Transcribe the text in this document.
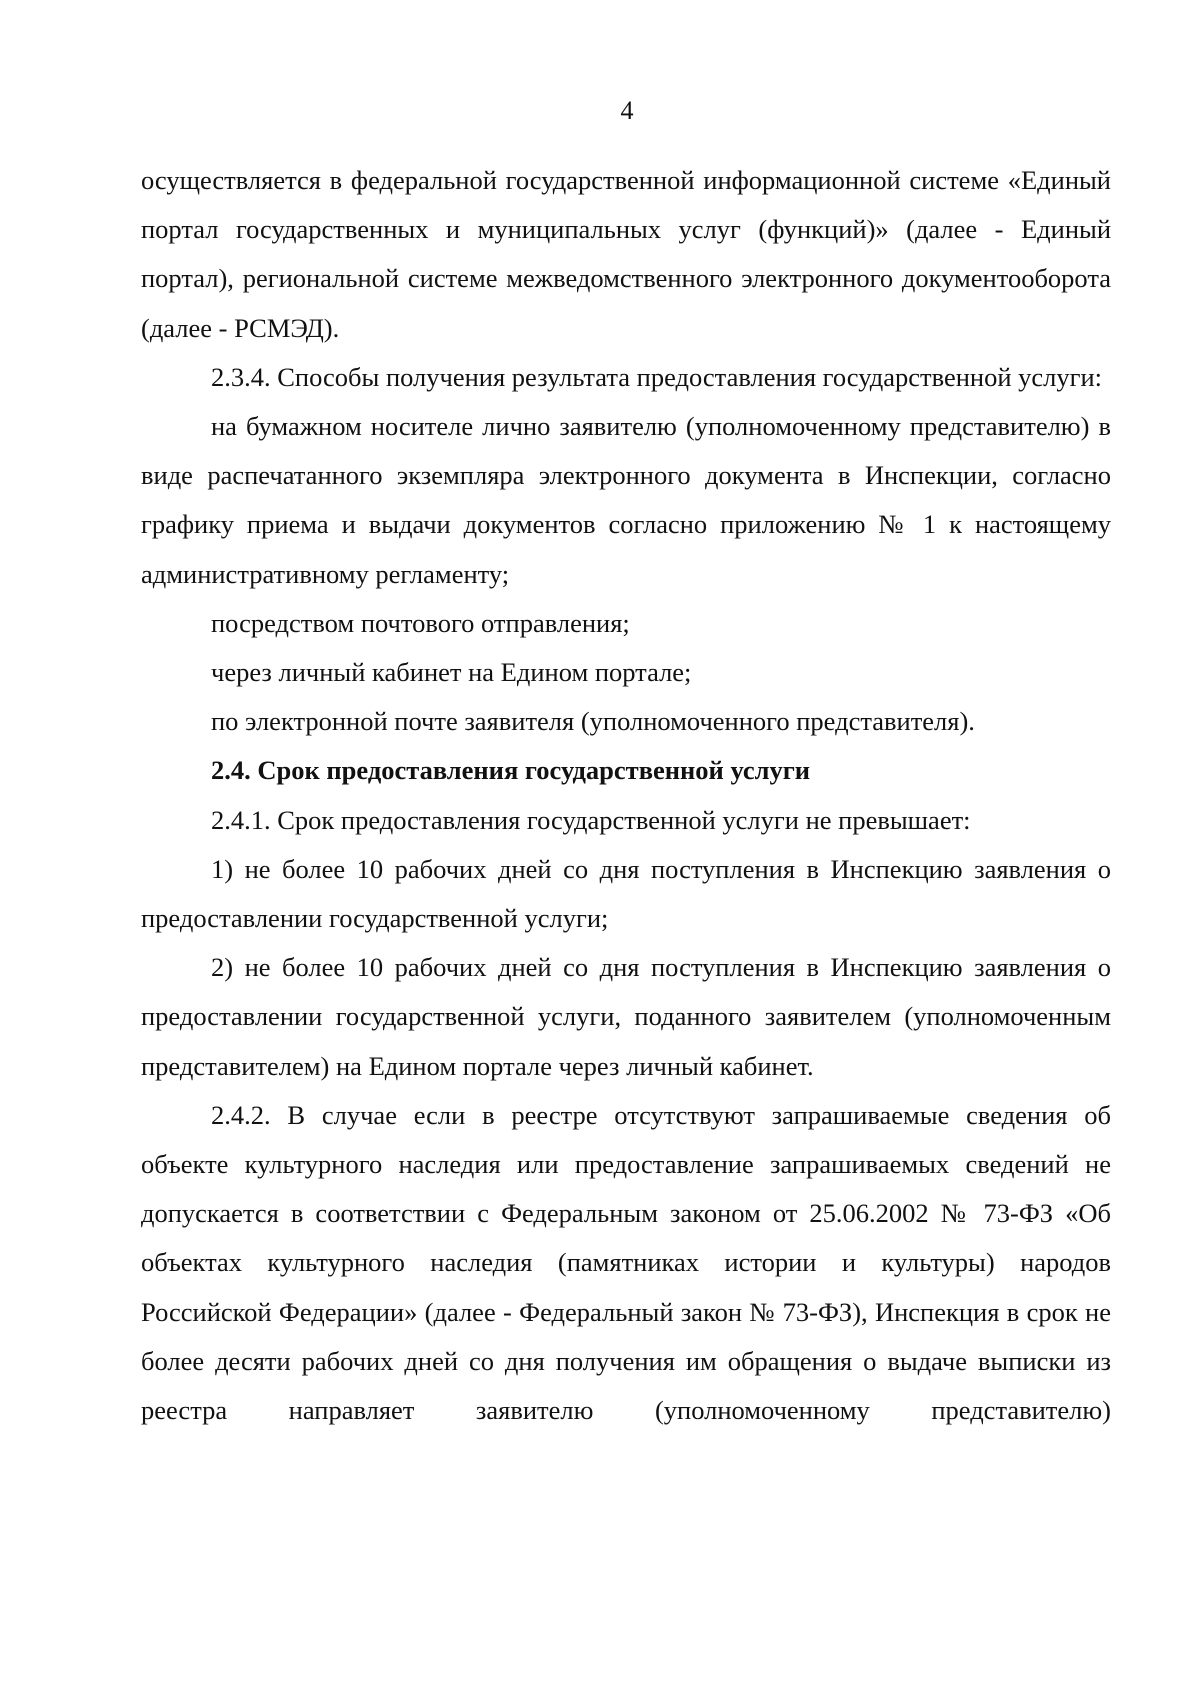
4

осуществляется в федеральной государственной информационной системе «Единый портал государственных и муниципальных услуг (функций)» (далее - Единый портал), региональной системе межведомственного электронного документооборота (далее - РСМЭД).

2.3.4. Способы получения результата предоставления государственной услуги:

на бумажном носителе лично заявителю (уполномоченному представителю) в виде распечатанного экземпляра электронного документа в Инспекции, согласно графику приема и выдачи документов согласно приложению № 1 к настоящему административному регламенту;

посредством почтового отправления;

через личный кабинет на Едином портале;

по электронной почте заявителя (уполномоченного представителя).

2.4. Срок предоставления государственной услуги

2.4.1. Срок предоставления государственной услуги не превышает:

1) не более 10 рабочих дней со дня поступления в Инспекцию заявления о предоставлении государственной услуги;

2) не более 10 рабочих дней со дня поступления в Инспекцию заявления о предоставлении государственной услуги, поданного заявителем (уполномоченным представителем) на Едином портале через личный кабинет.

2.4.2. В случае если в реестре отсутствуют запрашиваемые сведения об объекте культурного наследия или предоставление запрашиваемых сведений не допускается в соответствии с Федеральным законом от 25.06.2002 № 73-ФЗ «Об объектах культурного наследия (памятниках истории и культуры) народов Российской Федерации» (далее - Федеральный закон № 73-ФЗ), Инспекция в срок не более десяти рабочих дней со дня получения им обращения о выдаче выписки из реестра направляет заявителю (уполномоченному представителю)
